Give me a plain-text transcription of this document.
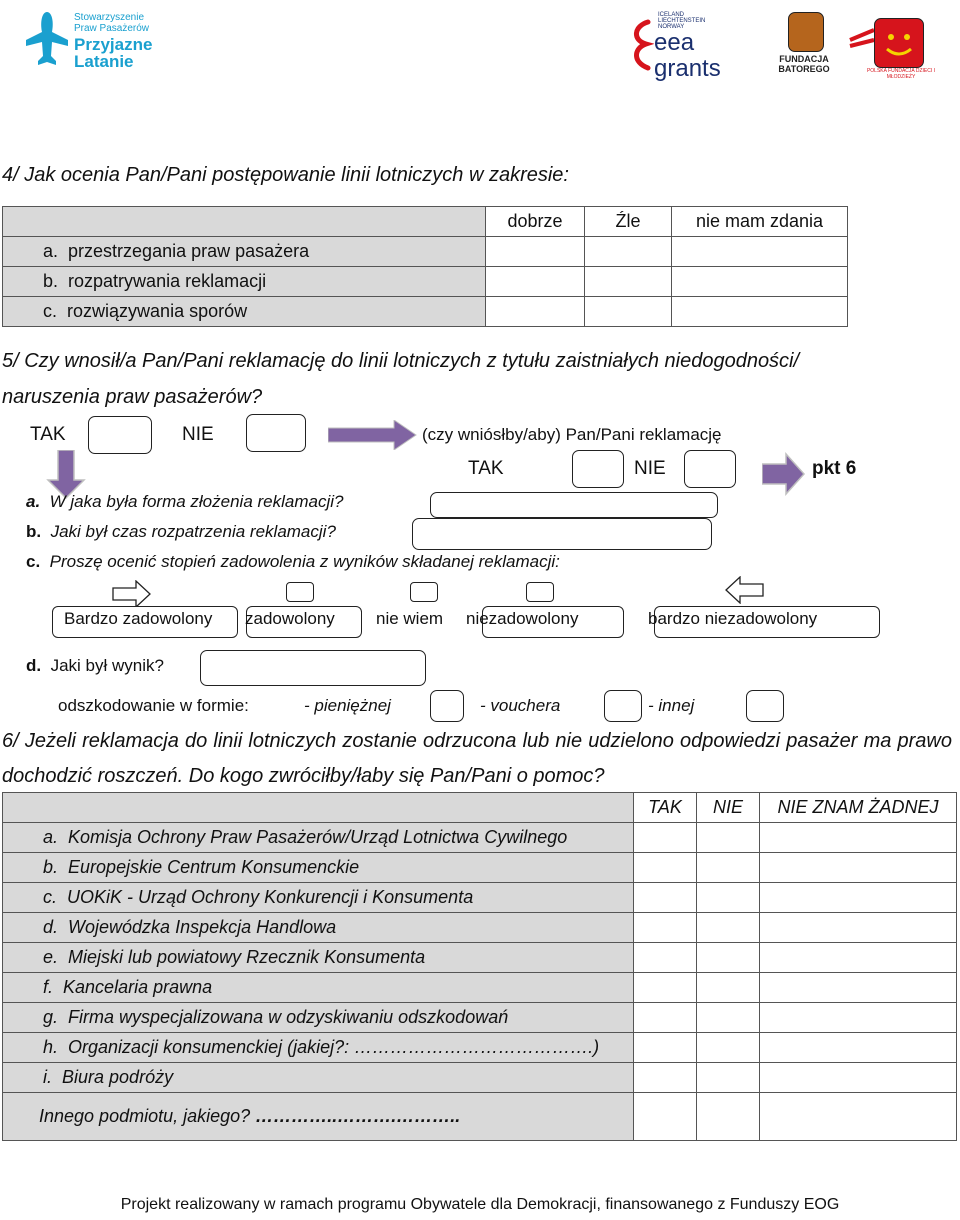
Stowarzyszenie
Praw Pasażerów
Przyjazne
Latanie
ICELAND
LIECHTENSTEIN
NORWAY
eea
grants	FUNDACJA
BATOREGO	POLSKA FUNDACJA DZIECI I MŁODZIEŻY
4/ Jak ocenia Pan/Pani postępowanie linii lotniczych w zakresie:
	dobrze	Źle	nie mam zdania
a. przestrzegania praw pasażera			
b. rozpatrywania reklamacji			
c. rozwiązywania sporów			
5/ Czy wnosił/a Pan/Pani reklamację do linii lotniczych z tytułu zaistniałych niedogodności/
naruszenia praw pasażerów?
TAK	NIE	(czy wniósłby/aby) Pan/Pani reklamację
TAK	NIE	pkt 6
a. W jaka była forma złożenia reklamacji?
b. Jaki był czas rozpatrzenia reklamacji?
c. Proszę ocenić stopień zadowolenia z wyników składanej reklamacji:
Bardzo zadowolony zadowolony nie wiem niezadowolony	bardzo niezadowolony
d. Jaki był wynik?
odszkodowanie w formie:	- pieniężnej	- vouchera	- innej
6/ Jeżeli reklamacja do linii lotniczych zostanie odrzucona lub nie udzielono odpowiedzi pasażer ma prawo dochodzić roszczeń. Do kogo zwróciłby/łaby się Pan/Pani o pomoc?
	TAK	NIE	NIE ZNAM ŻADNEJ
a. Komisja Ochrony Praw Pasażerów/Urząd Lotnictwa Cywilnego			
b. Europejskie Centrum Konsumenckie			
c. UOKiK - Urząd Ochrony Konkurencji i Konsumenta			
d. Wojewódzka Inspekcja Handlowa			
e. Miejski lub powiatowy Rzecznik Konsumenta			
f. Kancelaria prawna			
g. Firma wyspecjalizowana w odzyskiwaniu odszkodowań			
h. Organizacji konsumenckiej (jakiej?: ………………………………….)			
i. Biura podróży			
Innego podmiotu, jakiego? …………..……….………..			
Projekt realizowany w ramach programu Obywatele dla Demokracji, finansowanego z Funduszy EOG
